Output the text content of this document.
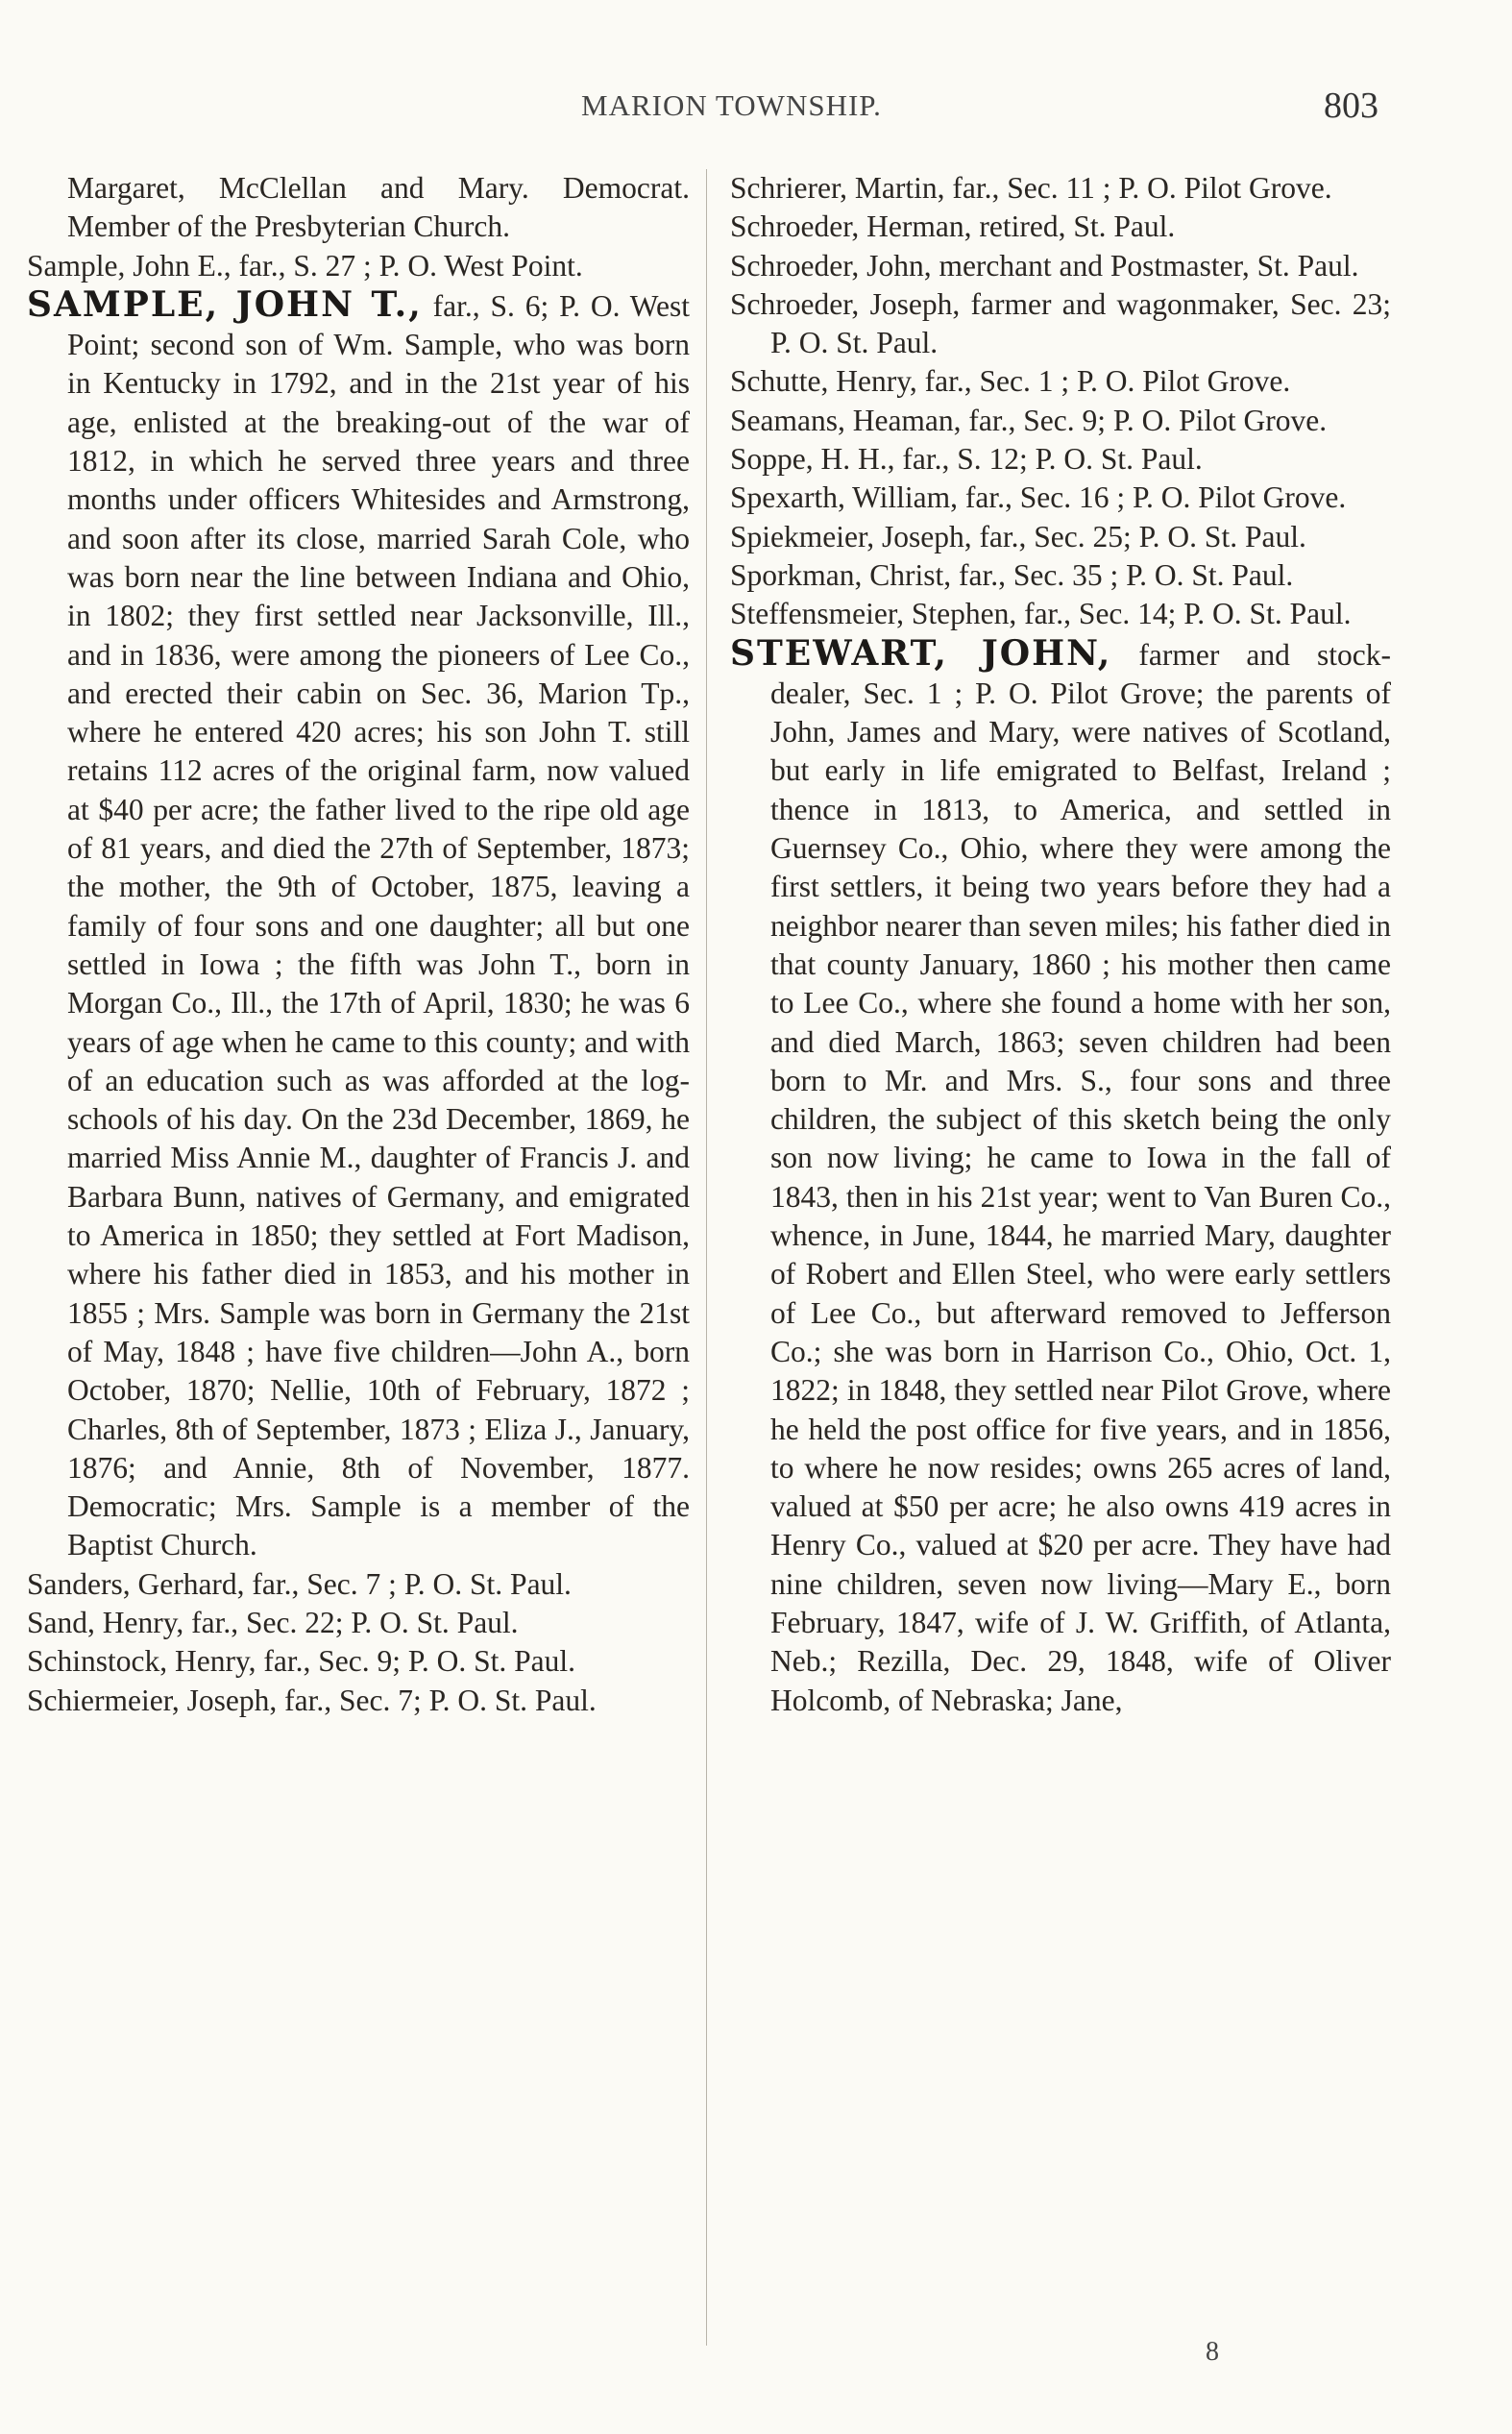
MARION TOWNSHIP.	803
Margaret, McClellan and Mary. Democrat. Member of the Presbyterian Church.
Sample, John E., far., S. 27 ; P. O. West Point.
SAMPLE, JOHN T., far., S. 6; P. O. West Point; second son of Wm. Sample, who was born in Kentucky in 1792, and in the 21st year of his age, enlisted at the breaking-out of the war of 1812, in which he served three years and three months under officers Whitesides and Armstrong, and soon after its close, married Sarah Cole, who was born near the line between Indiana and Ohio, in 1802; they first settled near Jacksonville, Ill., and in 1836, were among the pioneers of Lee Co., and erected their cabin on Sec. 36, Marion Tp., where he entered 420 acres; his son John T. still retains 112 acres of the original farm, now valued at $40 per acre; the father lived to the ripe old age of 81 years, and died the 27th of September, 1873; the mother, the 9th of October, 1875, leaving a family of four sons and one daughter; all but one settled in Iowa ; the fifth was John T., born in Morgan Co., Ill., the 17th of April, 1830; he was 6 years of age when he came to this county; and with of an education such as was afforded at the log-schools of his day. On the 23d December, 1869, he married Miss Annie M., daughter of Francis J. and Barbara Bunn, natives of Germany, and emigrated to America in 1850; they settled at Fort Madison, where his father died in 1853, and his mother in 1855 ; Mrs. Sample was born in Germany the 21st of May, 1848 ; have five children—John A., born October, 1870; Nellie, 10th of February, 1872 ; Charles, 8th of September, 1873 ; Eliza J., January, 1876; and Annie, 8th of November, 1877. Democratic; Mrs. Sample is a member of the Baptist Church.
Sanders, Gerhard, far., Sec. 7 ; P. O. St. Paul.
Sand, Henry, far., Sec. 22; P. O. St. Paul.
Schinstock, Henry, far., Sec. 9; P. O. St. Paul.
Schiermeier, Joseph, far., Sec. 7; P. O. St. Paul.
Schrierer, Martin, far., Sec. 11 ; P. O. Pilot Grove.
Schroeder, Herman, retired, St. Paul.
Schroeder, John, merchant and Postmaster, St. Paul.
Schroeder, Joseph, farmer and wagonmaker, Sec. 23; P. O. St. Paul.
Schutte, Henry, far., Sec. 1 ; P. O. Pilot Grove.
Seamans, Heaman, far., Sec. 9; P. O. Pilot Grove.
Soppe, H. H., far., S. 12; P. O. St. Paul.
Spexarth, William, far., Sec. 16 ; P. O. Pilot Grove.
Spiekmeier, Joseph, far., Sec. 25; P. O. St. Paul.
Sporkman, Christ, far., Sec. 35 ; P. O. St. Paul.
Steffensmeier, Stephen, far., Sec. 14; P. O. St. Paul.
STEWART, JOHN, farmer and stock-dealer, Sec. 1 ; P. O. Pilot Grove; the parents of John, James and Mary, were natives of Scotland, but early in life emigrated to Belfast, Ireland ; thence in 1813, to America, and settled in Guernsey Co., Ohio, where they were among the first settlers, it being two years before they had a neighbor nearer than seven miles; his father died in that county January, 1860 ; his mother then came to Lee Co., where she found a home with her son, and died March, 1863; seven children had been born to Mr. and Mrs. S., four sons and three children, the subject of this sketch being the only son now living; he came to Iowa in the fall of 1843, then in his 21st year; went to Van Buren Co., whence, in June, 1844, he married Mary, daughter of Robert and Ellen Steel, who were early settlers of Lee Co., but afterward removed to Jefferson Co.; she was born in Harrison Co., Ohio, Oct. 1, 1822; in 1848, they settled near Pilot Grove, where he held the post office for five years, and in 1856, to where he now resides; owns 265 acres of land, valued at $50 per acre; he also owns 419 acres in Henry Co., valued at $20 per acre. They have had nine children, seven now living—Mary E., born February, 1847, wife of J. W. Griffith, of Atlanta, Neb.; Rezilla, Dec. 29, 1848, wife of Oliver Holcomb, of Nebraska; Jane,
8
